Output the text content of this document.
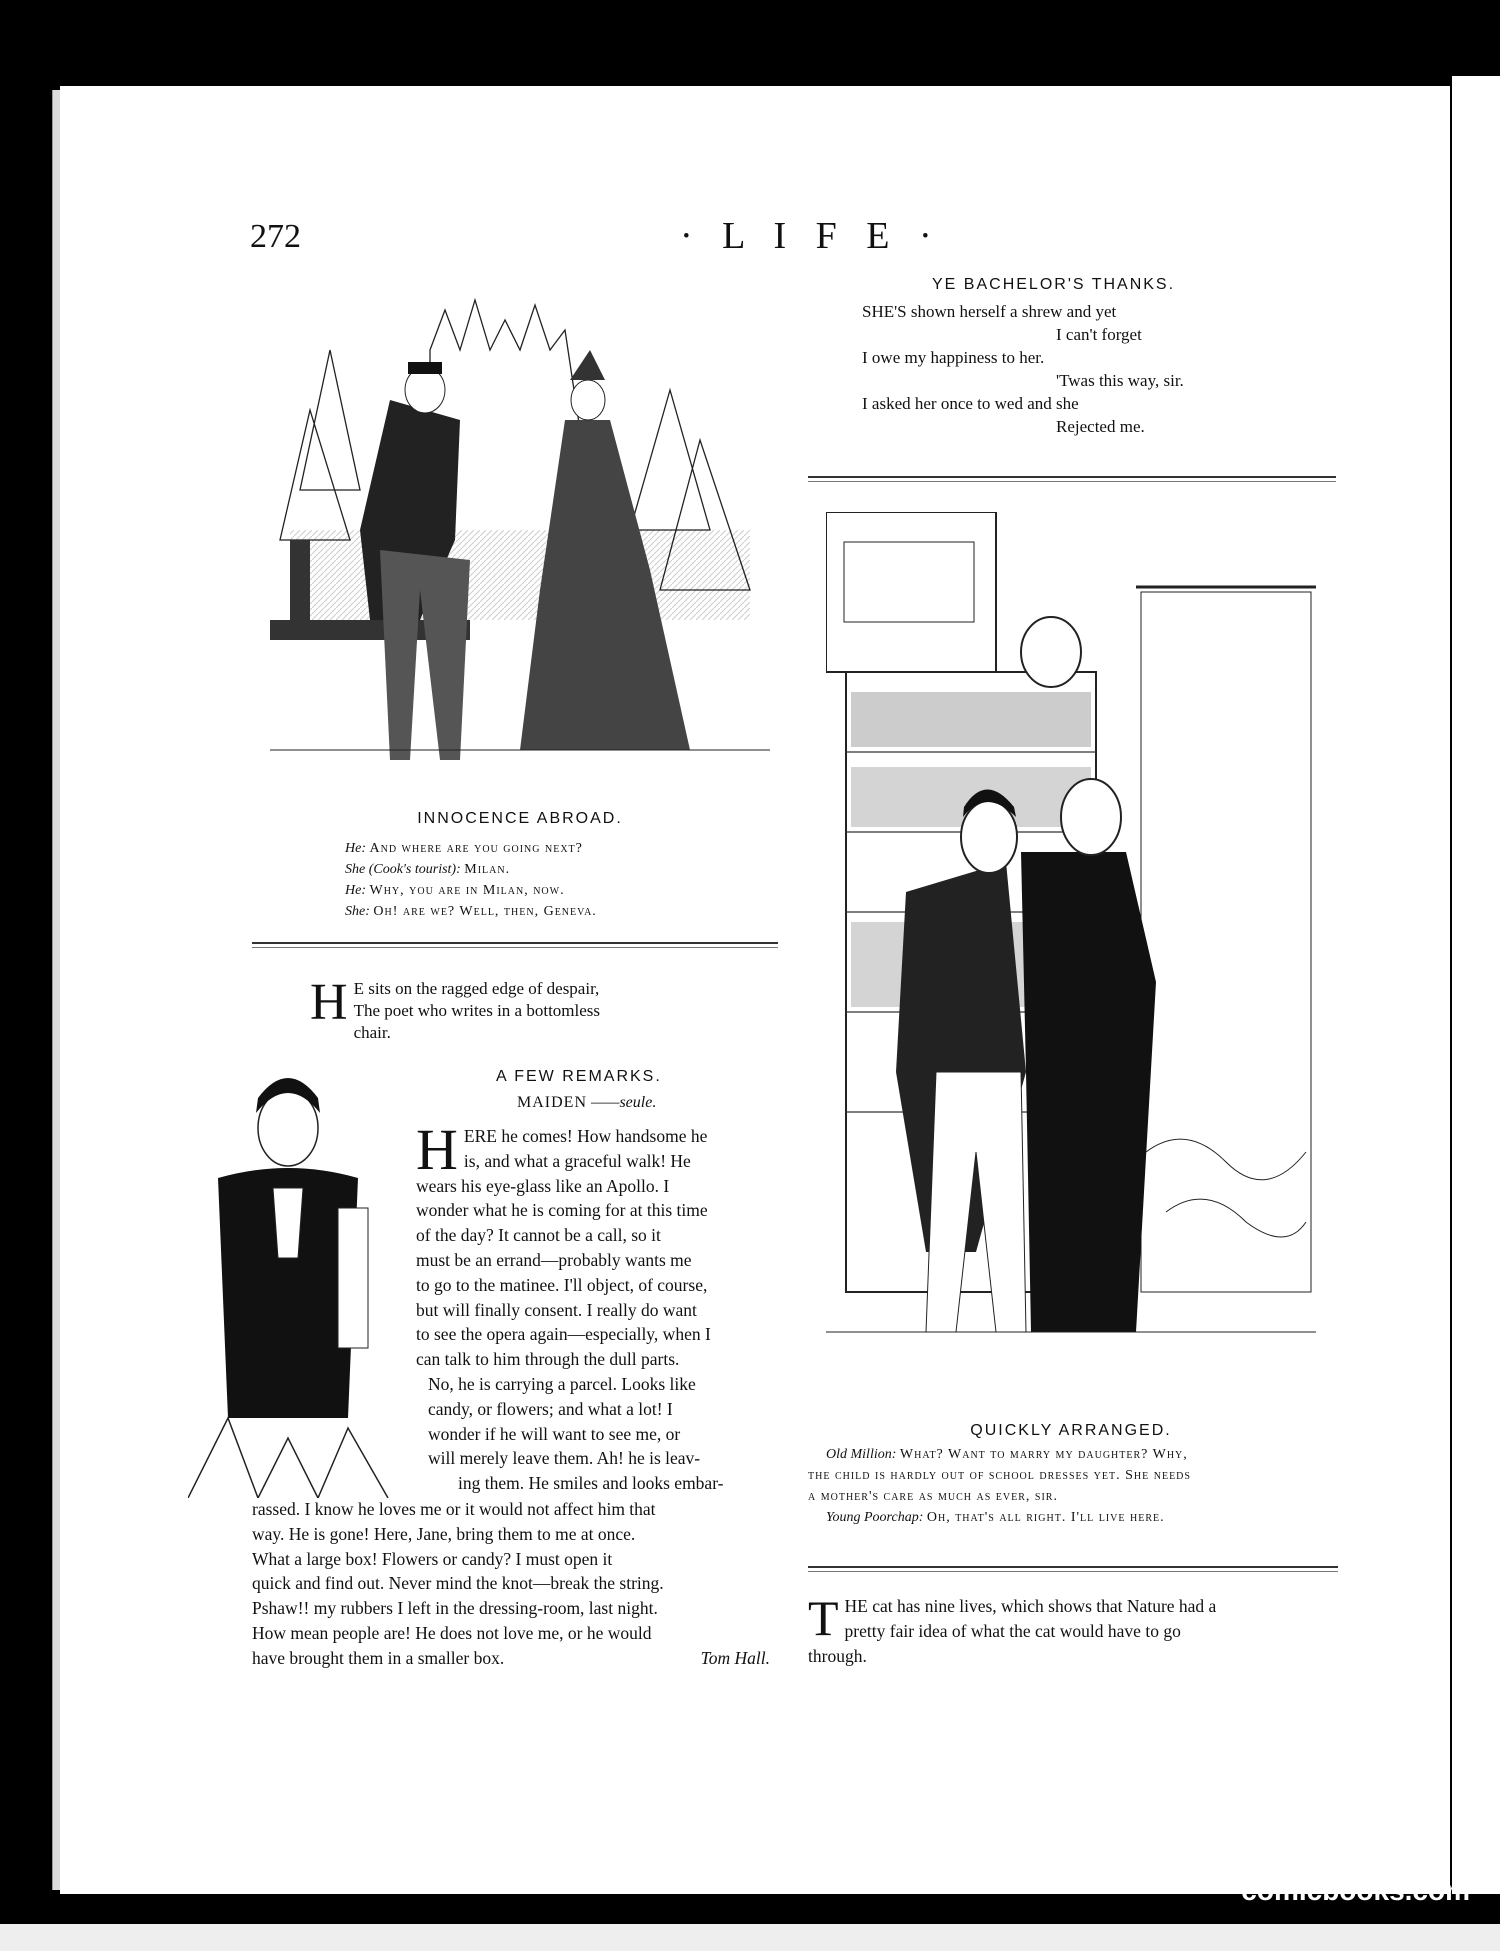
272	· L I F E ·
YE BACHELOR'S THANKS.
SHE'S shown herself a shrew and yet
I can't forget
I owe my happiness to her.
'Twas this way, sir.
I asked her once to wed and she
Rejected me.
INNOCENCE ABROAD.
He: And where are you going next?
She (Cook's tourist): Milan.
He: Why, you are in Milan, now.
She: Oh! are we? Well, then, Geneva.
H E sits on the ragged edge of despair,
The poet who writes in a bottomless chair.
A FEW REMARKS.
MAIDEN ——seule.
H ERE he comes! How handsome he
is, and what a graceful walk! He
wears his eye-glass like an Apollo. I
wonder what he is coming for at this time
of the day? It cannot be a call, so it
must be an errand—probably wants me
to go to the matinee. I'll object, of course,
but will finally consent. I really do want
to see the opera again—especially, when I
can talk to him through the dull parts.
No, he is carrying a parcel. Looks like
candy, or flowers; and what a lot! I
wonder if he will want to see me, or
will merely leave them. Ah! he is leav-
ing them. He smiles and looks embar-
rassed. I know he loves me or it would not affect him that
way. He is gone! Here, Jane, bring them to me at once.
What a large box! Flowers or candy? I must open it
quick and find out. Never mind the knot—break the string.
Pshaw!! my rubbers I left in the dressing-room, last night.
How mean people are! He does not love me, or he would
have brought them in a smaller box.	Tom Hall.
QUICKLY ARRANGED.
Old Million: What? Want to marry my daughter? Why,
the child is hardly out of school dresses yet. She needs
a mother's care as much as ever, sir.
Young Poorchap: Oh, that's all right. I'll live here.
T HE cat has nine lives, which shows that Nature had a
pretty fair idea of what the cat would have to go
through.
comicbooks.com
